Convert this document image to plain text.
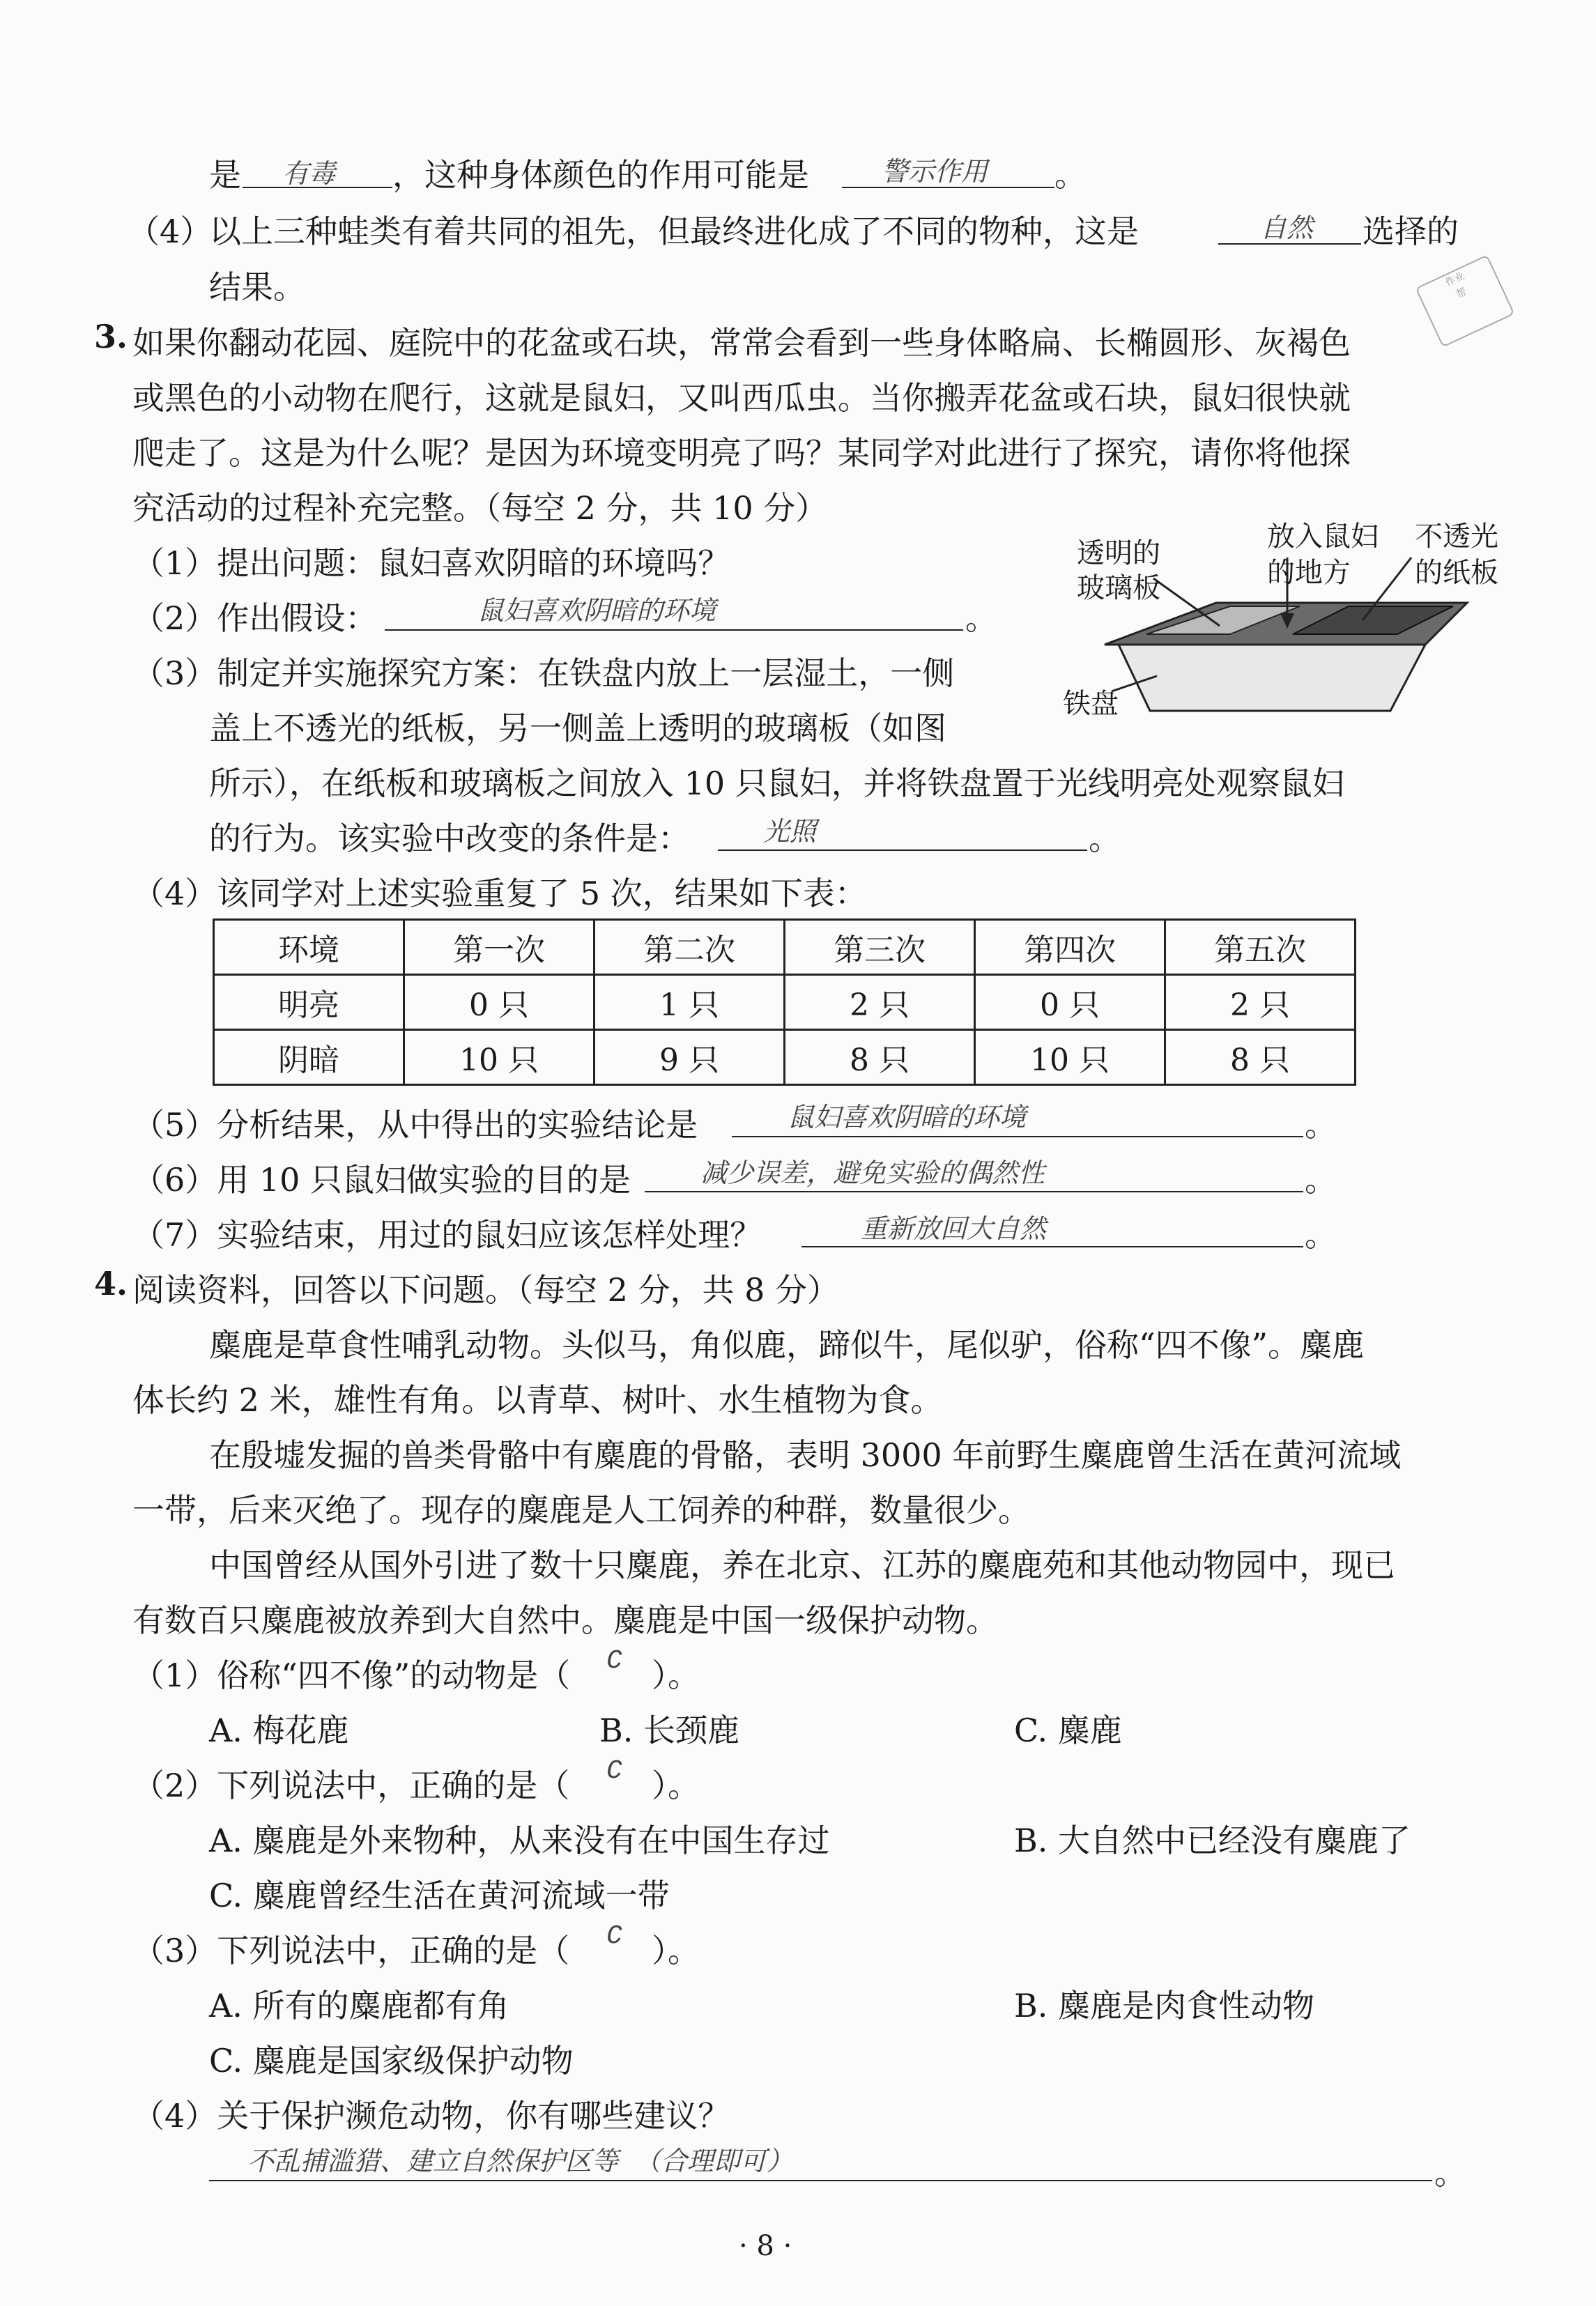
是 有毒 ，这种身体颜色的作用可能是	警示作用 。
（4）
以上三种蛙类有着共同的祖先，但最终进化成了不同的物种，这是	自然 选择的
结果。	作业
帮
3. 如果你翻动花园、庭院中的花盆或石块，常常会看到一些身体略扁、长椭圆形、灰褐色
或黑色的小动物在爬行，这就是鼠妇，又叫西瓜虫。当你搬弄花盆或石块，鼠妇很快就
爬走了。这是为什么呢？是因为环境变明亮了吗？某同学对此进行了探究，请你将他探
究活动的过程补充完整。（每空 2 分，共 10 分）
（1）提出问题：鼠妇喜欢阴暗的环境吗？
（2）作出假设：	鼠妇喜欢阴暗的环境	。
（3）制定并实施探究方案：在铁盘内放上一层湿土，一侧
盖上不透光的纸板，另一侧盖上透明的玻璃板（如图
所示），在纸板和玻璃板之间放入 10 只鼠妇，并将铁盘置于光线明亮处观察鼠妇
的行为。该实验中改变的条件是：	光照	。
透明的
玻璃板
放入鼠妇
的地方
不透光
的纸板
铁盘
（4）该同学对上述实验重复了 5 次，结果如下表：
环境	第一次	第二次	第三次	第四次	第五次
明亮	0 只	1 只	2 只	0 只	2 只
阴暗	10 只	9 只	8 只	10 只	8 只
（5）分析结果，从中得出的实验结论是	鼠妇喜欢阴暗的环境	。
（6）用 10 只鼠妇做实验的目的是	减少误差，避免实验的偶然性	。
（7）实验结束，用过的鼠妇应该怎样处理？	重新放回大自然	。
4. 阅读资料，回答以下问题。（每空 2 分，共 8 分）
麋鹿是草食性哺乳动物。头似马，角似鹿，蹄似牛，尾似驴，俗称“四不像”。麋鹿
体长约 2 米，雄性有角。以青草、树叶、水生植物为食。
在殷墟发掘的兽类骨骼中有麋鹿的骨骼，表明 3000 年前野生麋鹿曾生活在黄河流域
一带，后来灭绝了。现存的麋鹿是人工饲养的种群，数量很少。
中国曾经从国外引进了数十只麋鹿，养在北京、江苏的麋鹿苑和其他动物园中，现已
有数百只麋鹿被放养到大自然中。麋鹿是中国一级保护动物。
（1）俗称“四不像”的动物是（ C ）。
A. 梅花鹿	B. 长颈鹿	C. 麋鹿
（2）下列说法中，正确的是（ C ）。
A. 麋鹿是外来物种，从来没有在中国生存过	B. 大自然中已经没有麋鹿了
C. 麋鹿曾经生活在黄河流域一带
（3）下列说法中，正确的是（ C ）。
A. 所有的麋鹿都有角	B. 麋鹿是肉食性动物
C. 麋鹿是国家级保护动物
（4）关于保护濒危动物，你有哪些建议？
不乱捕滥猎、建立自然保护区等 （合理即可）	。
· 8 ·
